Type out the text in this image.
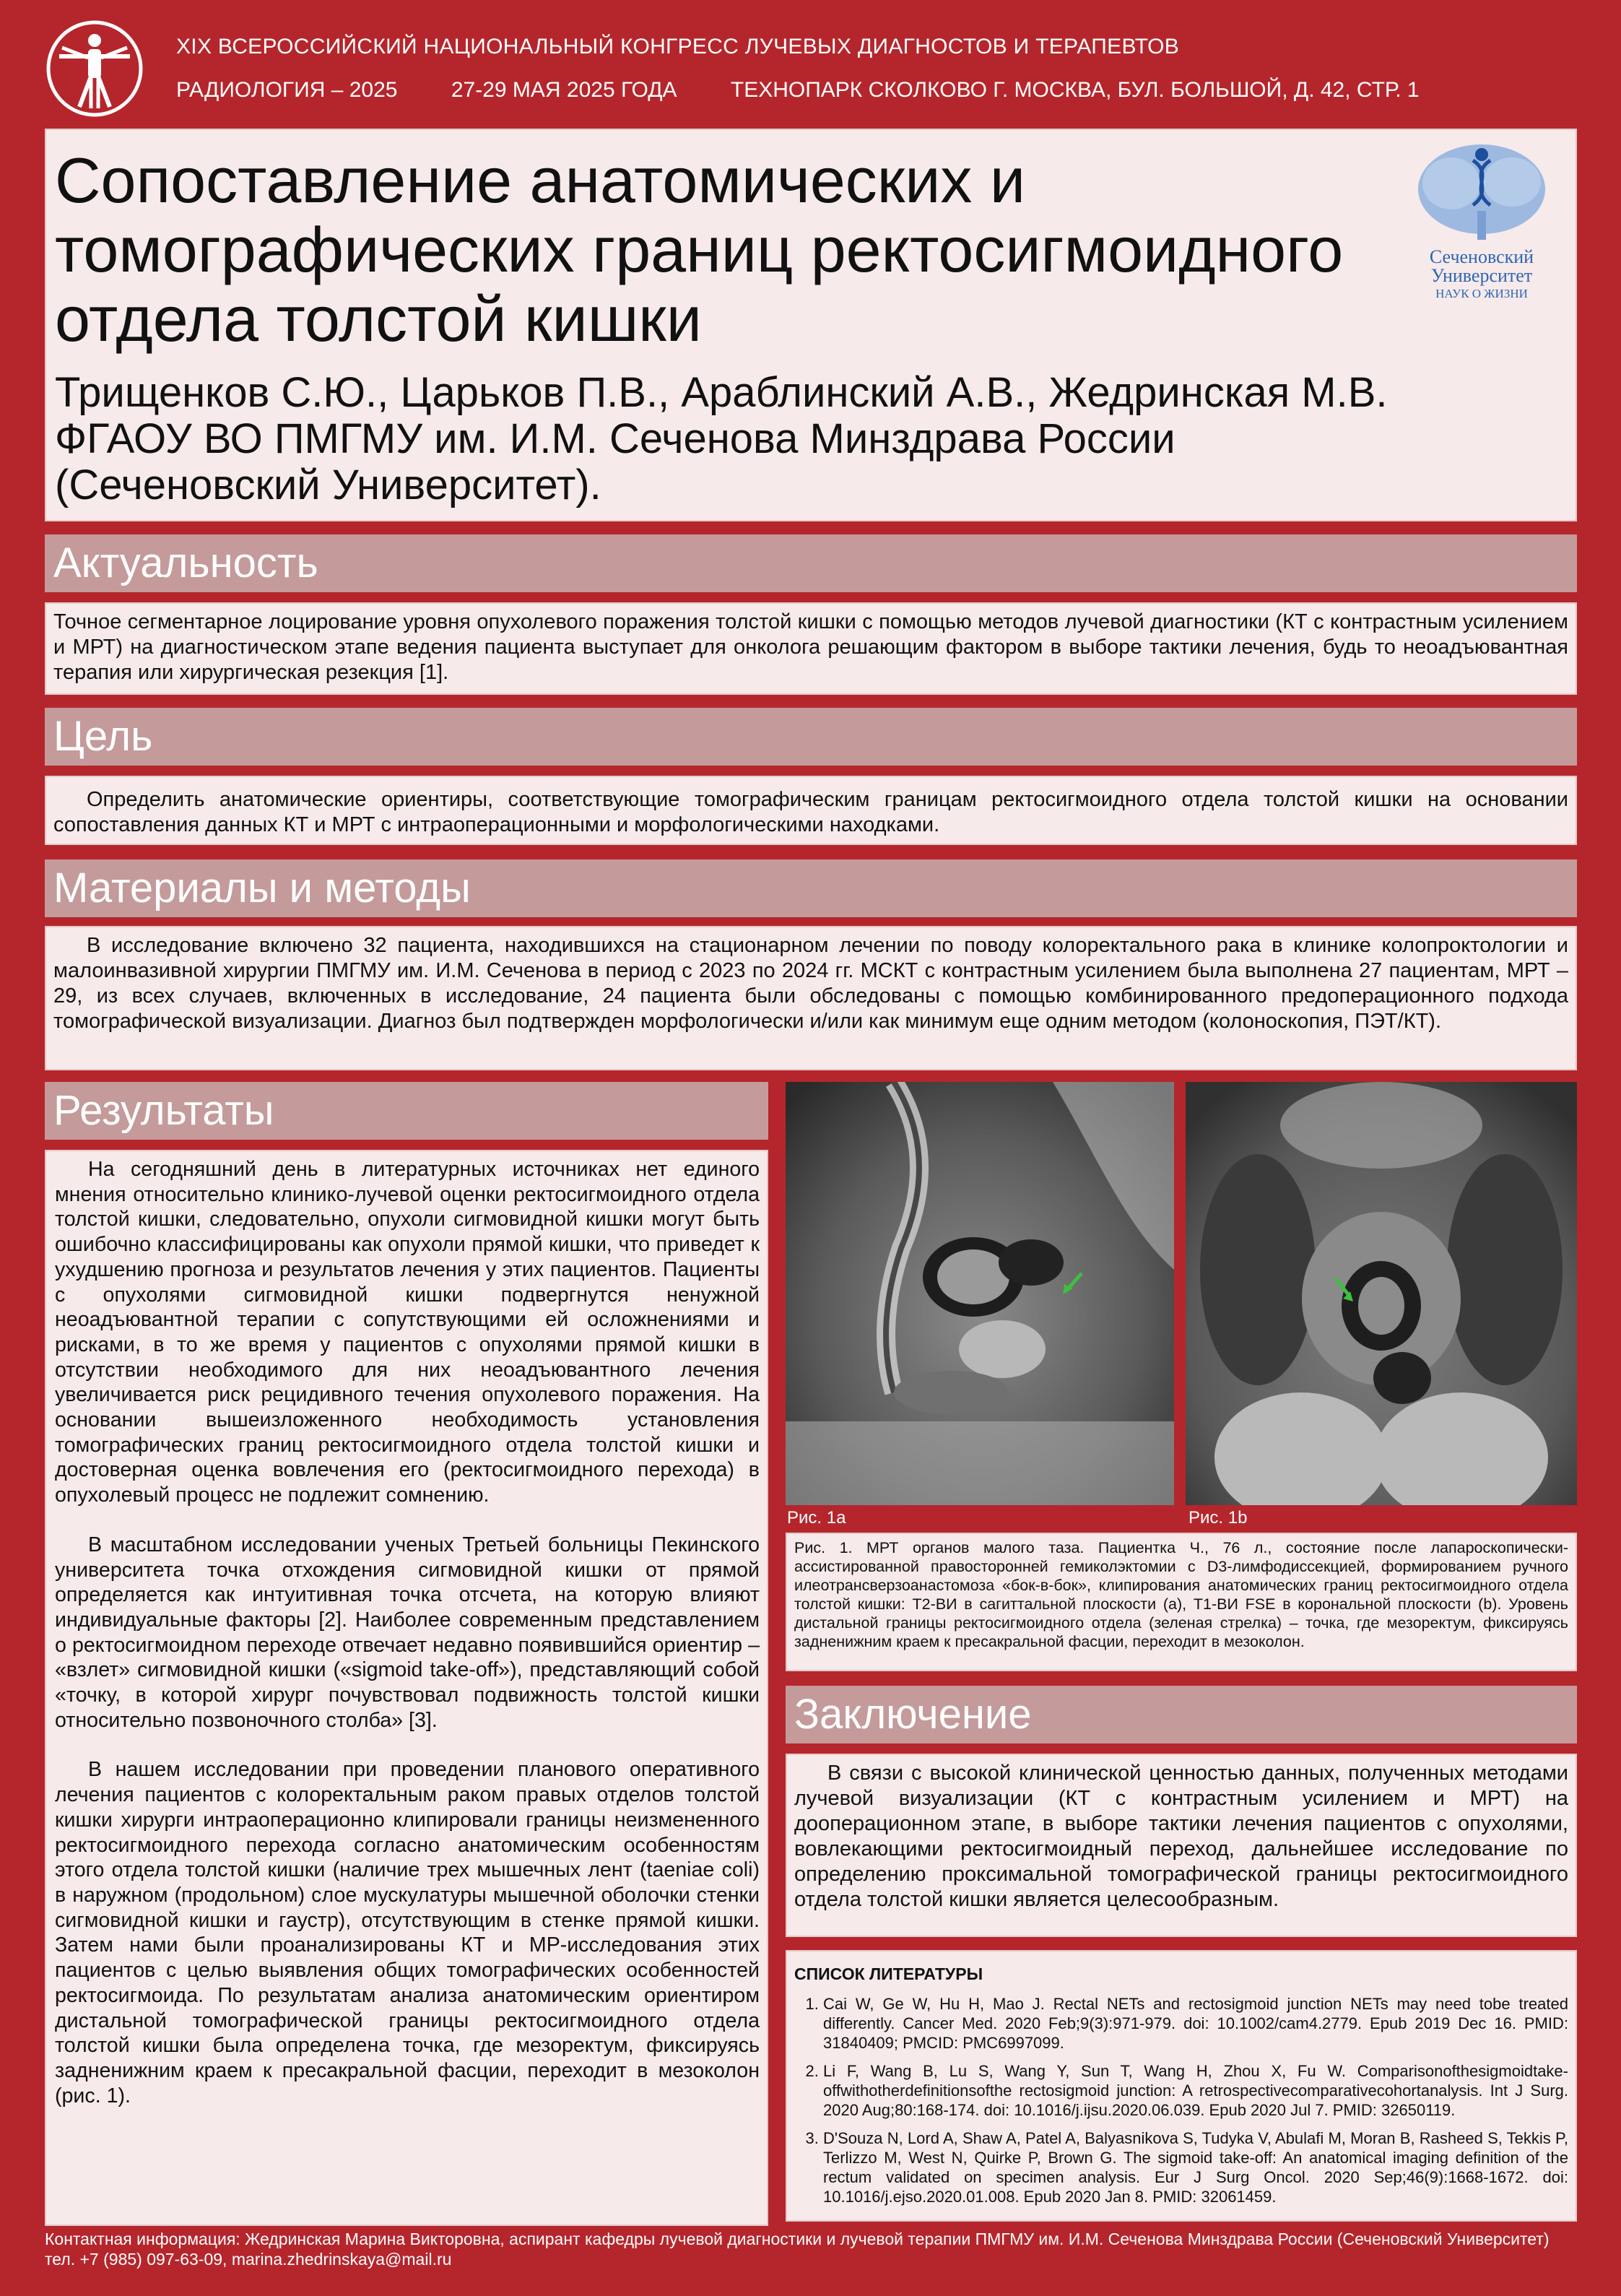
XIX ВСЕРОССИЙСКИЙ НАЦИОНАЛЬНЫЙ КОНГРЕСС ЛУЧЕВЫХ ДИАГНОСТОВ И ТЕРАПЕВТОВ
РАДИОЛОГИЯ – 2025 27-29 МАЯ 2025 ГОДА ТЕХНОПАРК СКОЛКОВО Г. МОСКВА, БУЛ. БОЛЬШОЙ, Д. 42, СТР. 1
Сопоставление анатомических и томографических границ ректосигмоидного отдела толстой кишки
Трищенков С.Ю., Царьков П.В., Араблинский А.В., Жедринская М.В.
ФГАОУ ВО ПМГМУ им. И.М. Сеченова Минздрава России
(Сеченовский Университет).
Сеченовский
Университет
НАУК О ЖИЗНИ
Актуальность

Точное сегментарное лоцирование уровня опухолевого поражения толстой кишки с помощью методов лучевой диагностики (КТ с контрастным усилением и МРТ) на диагностическом этапе ведения пациента выступает для онколога решающим фактором в выборе тактики лечения, будь то неоадъювантная терапия или хирургическая резекция [1].

Цель

Определить анатомические ориентиры, соответствующие томографическим границам ректосигмоидного отдела толстой кишки на основании сопоставления данных КТ и МРТ с интраоперационными и морфологическими находками.

Материалы и методы

В исследование включено 32 пациента, находившихся на стационарном лечении по поводу колоректального рака в клинике колопроктологии и малоинвазивной хирургии ПМГМУ им. И.М. Сеченова в период с 2023 по 2024 гг. МСКТ с контрастным усилением была выполнена 27 пациентам, МРТ – 29, из всех случаев, включенных в исследование, 24 пациента были обследованы с помощью комбинированного предоперационного подхода томографической визуализации. Диагноз был подтвержден морфологически и/или как минимум еще одним методом (колоноскопия, ПЭТ/КТ).

Результаты

На сегодняшний день в литературных источниках нет единого мнения относительно клинико-лучевой оценки ректосигмоидного отдела толстой кишки, следовательно, опухоли сигмовидной кишки могут быть ошибочно классифицированы как опухоли прямой кишки, что приведет к ухудшению прогноза и результатов лечения у этих пациентов. Пациенты с опухолями сигмовидной кишки подвергнутся ненужной неоадъювантной терапии с сопутствующими ей осложнениями и рисками, в то же время у пациентов с опухолями прямой кишки в отсутствии необходимого для них неоадъювантного лечения увеличивается риск рецидивного течения опухолевого поражения. На основании вышеизложенного необходимость установления томографических границ ректосигмоидного отдела толстой кишки и достоверная оценка вовлечения его (ректосигмоидного перехода) в опухолевый процесс не подлежит сомнению.

В масштабном исследовании ученых Третьей больницы Пекинского университета точка отхождения сигмовидной кишки от прямой определяется как интуитивная точка отсчета, на которую влияют индивидуальные факторы [2]. Наиболее современным представлением о ректосигмоидном переходе отвечает недавно появившийся ориентир – «взлет» сигмовидной кишки («sigmoid take-off»), представляющий собой «точку, в которой хирург почувствовал подвижность толстой кишки относительно позвоночного столба» [3].

В нашем исследовании при проведении планового оперативного лечения пациентов с колоректальным раком правых отделов толстой кишки хирурги интраоперационно клипировали границы неизмененного ректосигмоидного перехода согласно анатомическим особенностям этого отдела толстой кишки (наличие трех мышечных лент (taeniae coli) в наружном (продольном) слое мускулатуры мышечной оболочки стенки сигмовидной кишки и гаустр), отсутствующим в стенке прямой кишки. Затем нами были проанализированы КТ и МР-исследования этих пациентов с целью выявления общих томографических особенностей ректосигмоида. По результатам анализа анатомическим ориентиром дистальной томографической границы ректосигмоидного отдела толстой кишки была определена точка, где мезоректум, фиксируясь задненижним краем к пресакральной фасции, переходит в мезоколон (рис. 1).

Рис. 1a	Рис. 1b

Рис. 1. МРТ органов малого таза. Пациентка Ч., 76 л., состояние после лапароскопически-ассистированной правосторонней гемиколэктомии с D3-лимфодиссекцией, формированием ручного илеотрансверзоанастомоза «бок-в-бок», клипирования анатомических границ ректосигмоидного отдела толстой кишки: Т2-ВИ в сагиттальной плоскости (a), Т1-ВИ FSE в корональной плоскости (b). Уровень дистальной границы ректосигмоидного отдела (зеленая стрелка) – точка, где мезоректум, фиксируясь задненижним краем к пресакральной фасции, переходит в мезоколон.

Заключение

В связи с высокой клинической ценностью данных, полученных методами лучевой визуализации (КТ с контрастным усилением и МРТ) на дооперационном этапе, в выборе тактики лечения пациентов с опухолями, вовлекающими ректосигмоидный переход, дальнейшее исследование по определению проксимальной томографической границы ректосигмоидного отдела толстой кишки является целесообразным.

СПИСОК ЛИТЕРАТУРЫ
1. Cai W, Ge W, Hu H, Mao J. Rectal NETs and rectosigmoid junction NETs may need tobe treated differently. Cancer Med. 2020 Feb;9(3):971-979. doi: 10.1002/cam4.2779. Epub 2019 Dec 16. PMID: 31840409; PMCID: PMC6997099.
2. Li F, Wang B, Lu S, Wang Y, Sun T, Wang H, Zhou X, Fu W. Comparisonofthesigmoidtake-offwithotherdefinitionsofthe rectosigmoid junction: A retrospectivecomparativecohortanalysis. Int J Surg. 2020 Aug;80:168-174. doi: 10.1016/j.ijsu.2020.06.039. Epub 2020 Jul 7. PMID: 32650119.
3. D'Souza N, Lord A, Shaw A, Patel A, Balyasnikova S, Tudyka V, Abulafi M, Moran B, Rasheed S, Tekkis P, Terlizzo M, West N, Quirke P, Brown G. The sigmoid take-off: An anatomical imaging definition of the rectum validated on specimen analysis. Eur J Surg Oncol. 2020 Sep;46(9):1668-1672. doi: 10.1016/j.ejso.2020.01.008. Epub 2020 Jan 8. PMID: 32061459.
Контактная информация: Жедринская Марина Викторовна, аспирант кафедры лучевой диагностики и лучевой терапии ПМГМУ им. И.М. Сеченова Минздрава России (Сеченовский Университет)
тел. +7 (985) 097-63-09, marina.zhedrinskaya@mail.ru
